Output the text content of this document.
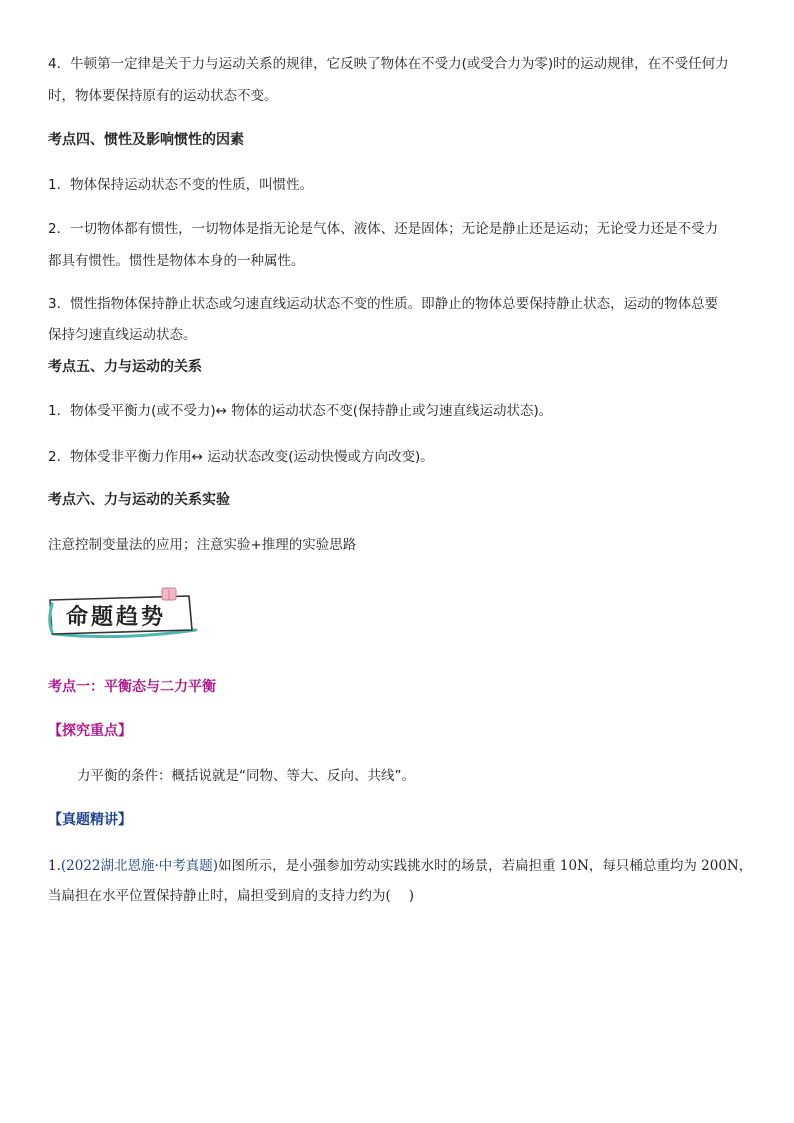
4．牛顿第一定律是关于力与运动关系的规律，它反映了物体在不受力(或受合力为零)时的运动规律，在不受任何力
时，物体要保持原有的运动状态不变。
考点四、惯性及影响惯性的因素
1．物体保持运动状态不变的性质，叫惯性。
2．一切物体都有惯性，一切物体是指无论是气体、液体、还是固体；无论是静止还是运动；无论受力还是不受力
都具有惯性。惯性是物体本身的一种属性。
3．惯性指物体保持静止状态或匀速直线运动状态不变的性质。即静止的物体总要保持静止状态，运动的物体总要
保持匀速直线运动状态。
考点五、力与运动的关系
1．物体受平衡力(或不受力)↔ 物体的运动状态不变(保持静止或匀速直线运动状态)。
2．物体受非平衡力作用↔ 运动状态改变(运动快慢或方向改变)。
考点六、力与运动的关系实验
注意控制变量法的应用；注意实验+推理的实验思路
命题趋势
考点一：平衡态与二力平衡
【探究重点】
力平衡的条件：概括说就是“同物、等大、反向、共线”。
【真题精讲】
1.(2022湖北恩施·中考真题)如图所示，是小强参加劳动实践挑水时的场景，若扁担重 10N，每只桶总重均为 200N，
当扁担在水平位置保持静止时，扁担受到肩的支持力约为( )
